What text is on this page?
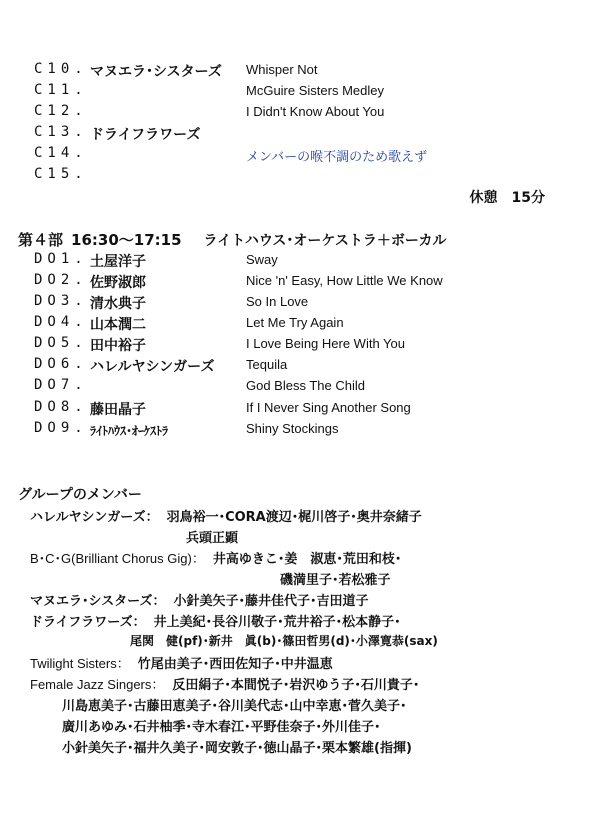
C10. マヌエラ･シスターズ Whisper Not
C11.	McGuire Sisters Medley
C12.	I Didn't Know About You
C13. ドライフラワーズ
C14.	メンバーの喉不調のため歌えず
C15.
休憩　15分
第４部 16:30〜17:15 ライトハウス･オーケストラ＋ボーカル
DO1. 土屋洋子	Sway
DO2. 佐野淑郎	Nice 'n' Easy, How Little We Know
DO3. 清水典子	So In Love
DO4. 山本潤二	Let Me Try Again
DO5. 田中裕子	I Love Being Here With You
DO6. ハレルヤシンガーズ Tequila
DO7.	God Bless The Child
DO8. 藤田晶子	If I Never Sing Another Song
DO9. ﾗｲﾄﾊｳｽ･ｵｰｹｽﾄﾗ	Shiny Stockings
グループのメンバー
ハレルヤシンガーズ： 羽鳥裕一･CORA渡辺･梶川啓子･奥井奈緒子
兵頭正顕
B･C･G(Brilliant Chorus Gig)： 井高ゆきこ･姜　淑恵･荒田和枝･
磯満里子･若松雅子
マヌエラ･シスターズ： 小針美矢子･藤井佳代子･吉田道子
ドライフラワーズ： 井上美紀･長谷川敬子･荒井裕子･松本静子･
尾関　健(pf)･新井　眞(b)･篠田哲男(d)･小澤寛恭(sax)
Twilight Sisters： 竹尾由美子･西田佐知子･中井温恵
Female Jazz Singers： 反田絹子･本間悦子･岩沢ゆう子･石川貴子･
川島恵美子･古藤田恵美子･谷川美代志･山中幸恵･菅久美子･
廣川あゆみ･石井柚季･寺木春江･平野佳奈子･外川佳子･
小針美矢子･福井久美子･岡安敦子･徳山晶子･栗本繁雄(指揮)
